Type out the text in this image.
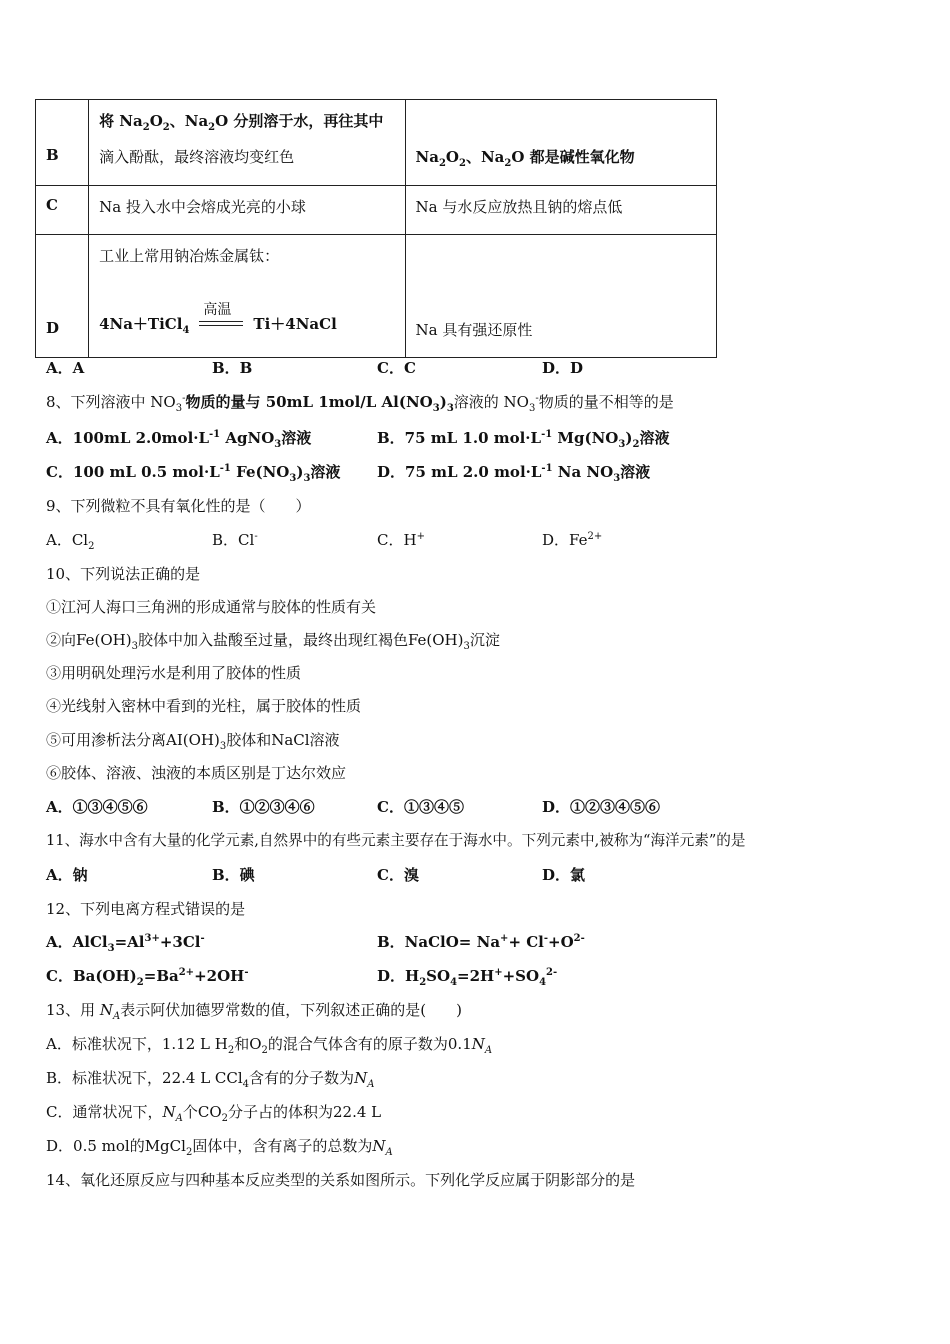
B	将 $Na_2O_2$、$Na_2O$ 分别溶于水，再往其中
滴入酚酞，最终溶液均变红色	$Na_2O_2$、$Na_2O$ 都是碱性氧化物

C	Na 投入水中会熔成光亮的小球	Na 与水反应放热且钠的熔点低

D	工业上常用钠冶炼金属钛：
4Na＋TiCl$_4$
高温
Ti＋4NaCl	Na 具有强还原性
A．A	B．B	C．C	D．D
8、下列溶液中 $NO_3^-$物质的量与 50mL 1mol/L $Al(NO_3)_3$溶液的 $NO_3^-$物质的量不相等的是
A．100mL $2.0mol\cdot L^{-1}$ AgNO$_3$溶液	B．75 mL 1.0 $mol\cdot L^{-1}$ $Mg(NO_3)_2$溶液
C．100 mL 0.5 $mol\cdot L^{-1}$ $Fe(NO_3)_3$溶液 D．75 mL 2.0 $mol\cdot L^{-1}$ Na $NO_3$溶液
9、下列微粒不具有氧化性的是（　　）
A．$Cl_2$	B．Cl-	C．H+	D．$Fe^{2+}$
10、下列说法正确的是
①江河人海口三角洲的形成通常与胶体的性质有关
②向$Fe(OH)_3$胶体中加入盐酸至过量，最终出现红褐色$Fe(OH)_3$沉淀
③用明矾处理污水是利用了胶体的性质
④光线射入密林中看到的光柱，属于胶体的性质
⑤可用渗析法分离$AI(OH)_3$胶体和NaCl溶液
⑥胶体、溶液、浊液的本质区别是丁达尔效应
A．①③④⑤⑥	B．①②③④⑥	C．①③④⑤	D．①②③④⑤⑥
11、海水中含有大量的化学元素,自然界中的有些元素主要存在于海水中。下列元素中,被称为“海洋元素”的是
A．钠	B．碘	C．溴	D．氯
12、下列电离方程式错误的是
A．$AlCl_3=Al^{3+}+3Cl^-$	B．NaClO= $Na^++ Cl^-+O^{2-}$
C．$Ba(OH)_2=Ba^{2+}+2OH^-$	D．$H_2SO_4=2H^++SO_4^{2-}$
13、用 $N_A$表示阿伏加德罗常数的值，下列叙述正确的是(　　)
A．标准状况下，1.12 L $H_2$和$O_2$的混合气体含有的原子数为$0.1N_A$
B．标准状况下，22.4 L CCl$_4$含有的分子数为$N_A$
C．通常状况下，$N_A$个$CO_2$分子占的体积为22.4 L
D．0.5 mol的MgCl$_2$固体中，含有离子的总数为$N_A$
14、氧化还原反应与四种基本反应类型的关系如图所示。下列化学反应属于阴影部分的是
